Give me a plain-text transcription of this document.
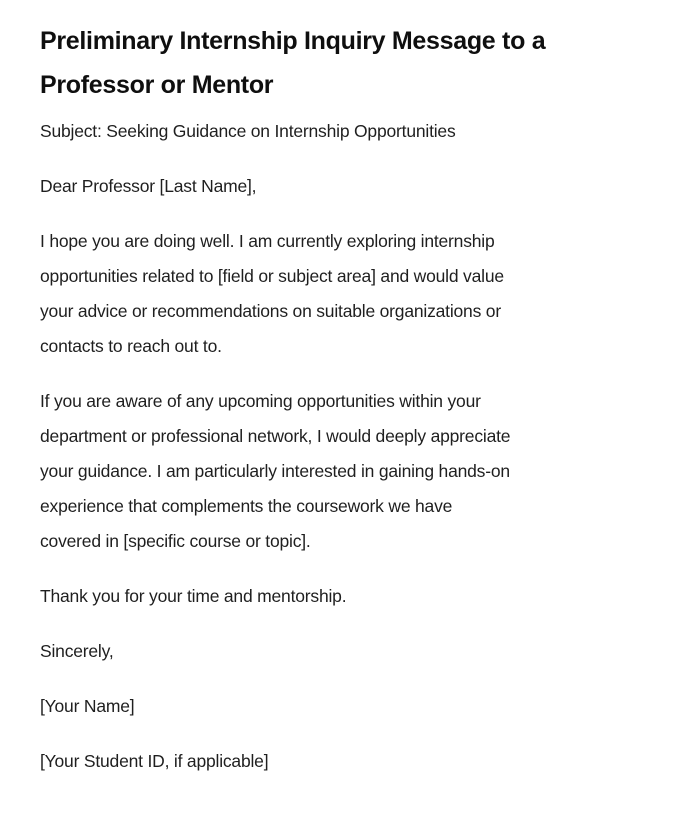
Preliminary Internship Inquiry Message to a
Professor or Mentor

Subject: Seeking Guidance on Internship Opportunities

Dear Professor [Last Name],

I hope you are doing well. I am currently exploring internship
opportunities related to [field or subject area] and would value
your advice or recommendations on suitable organizations or
contacts to reach out to.

If you are aware of any upcoming opportunities within your
department or professional network, I would deeply appreciate
your guidance. I am particularly interested in gaining hands-on
experience that complements the coursework we have
covered in [specific course or topic].

Thank you for your time and mentorship.

Sincerely,

[Your Name]

[Your Student ID, if applicable]
